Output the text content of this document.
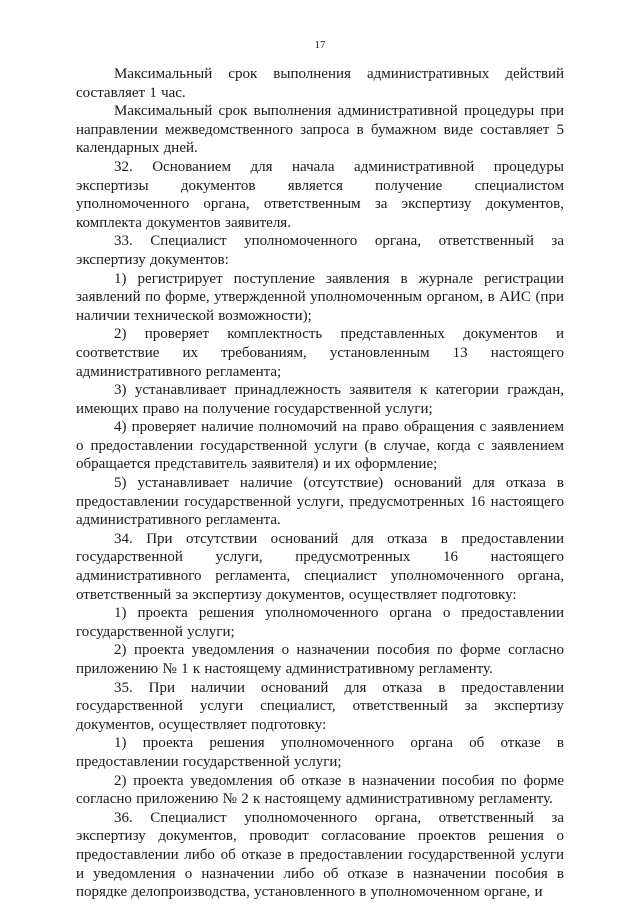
17

Максимальный срок выполнения административных действий составляет 1 час.

Максимальный срок выполнения административной процедуры при направлении межведомственного запроса в бумажном виде составляет 5 календарных дней.

32. Основанием для начала административной процедуры экспертизы документов является получение специалистом уполномоченного органа, ответственным за экспертизу документов, комплекта документов заявителя.

33. Специалист уполномоченного органа, ответственный за экспертизу документов:

1) регистрирует поступление заявления в журнале регистрации заявлений по форме, утвержденной уполномоченным органом, в АИС (при наличии технической возможности);

2) проверяет комплектность представленных документов и соответствие их требованиям, установленным 13 настоящего административного регламента;

3) устанавливает принадлежность заявителя к категории граждан, имеющих право на получение государственной услуги;

4) проверяет наличие полномочий на право обращения с заявлением о предоставлении государственной услуги (в случае, когда с заявлением обращается представитель заявителя) и их оформление;

5) устанавливает наличие (отсутствие) оснований для отказа в предоставлении государственной услуги, предусмотренных 16 настоящего административного регламента.

34. При отсутствии оснований для отказа в предоставлении государственной услуги, предусмотренных 16 настоящего административного регламента, специалист уполномоченного органа, ответственный за экспертизу документов, осуществляет подготовку:

1) проекта решения уполномоченного органа о предоставлении государственной услуги;

2) проекта уведомления о назначении пособия по форме согласно приложению № 1 к настоящему административному регламенту.

35. При наличии оснований для отказа в предоставлении государственной услуги специалист, ответственный за экспертизу документов, осуществляет подготовку:

1) проекта решения уполномоченного органа об отказе в предоставлении государственной услуги;

2) проекта уведомления об отказе в назначении пособия по форме согласно приложению № 2 к настоящему административному регламенту.

36. Специалист уполномоченного органа, ответственный за экспертизу документов, проводит согласование проектов решения о предоставлении либо об отказе в предоставлении государственной услуги и уведомления о назначении либо об отказе в назначении пособия в порядке делопроизводства, установленного в уполномоченном органе, и
